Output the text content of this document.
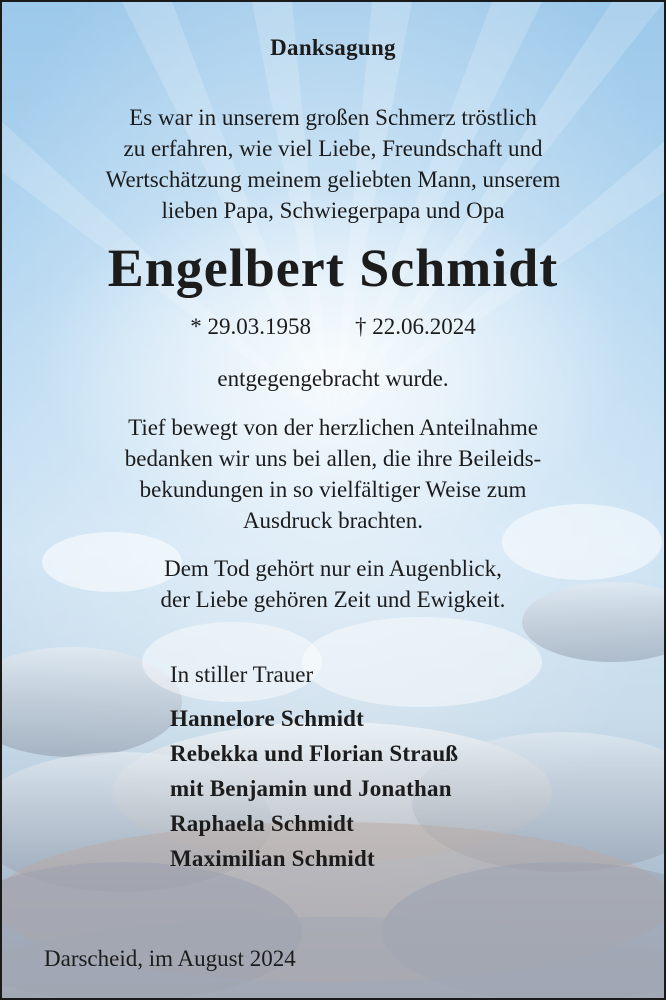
Danksagung
Es war in unserem großen Schmerz tröstlich
zu erfahren, wie viel Liebe, Freundschaft und
Wertschätzung meinem geliebten Mann, unserem
lieben Papa, Schwiegerpapa und Opa
Engelbert Schmidt
* 29.03.1958 † 22.06.2024
entgegengebracht wurde.
Tief bewegt von der herzlichen Anteilnahme
bedanken wir uns bei allen, die ihre Beileids-
bekundungen in so vielfältiger Weise zum
Ausdruck brachten.
Dem Tod gehört nur ein Augenblick,
der Liebe gehören Zeit und Ewigkeit.
In stiller Trauer
Hannelore Schmidt
Rebekka und Florian Strauß
mit Benjamin und Jonathan
Raphaela Schmidt
Maximilian Schmidt
Darscheid, im August 2024
